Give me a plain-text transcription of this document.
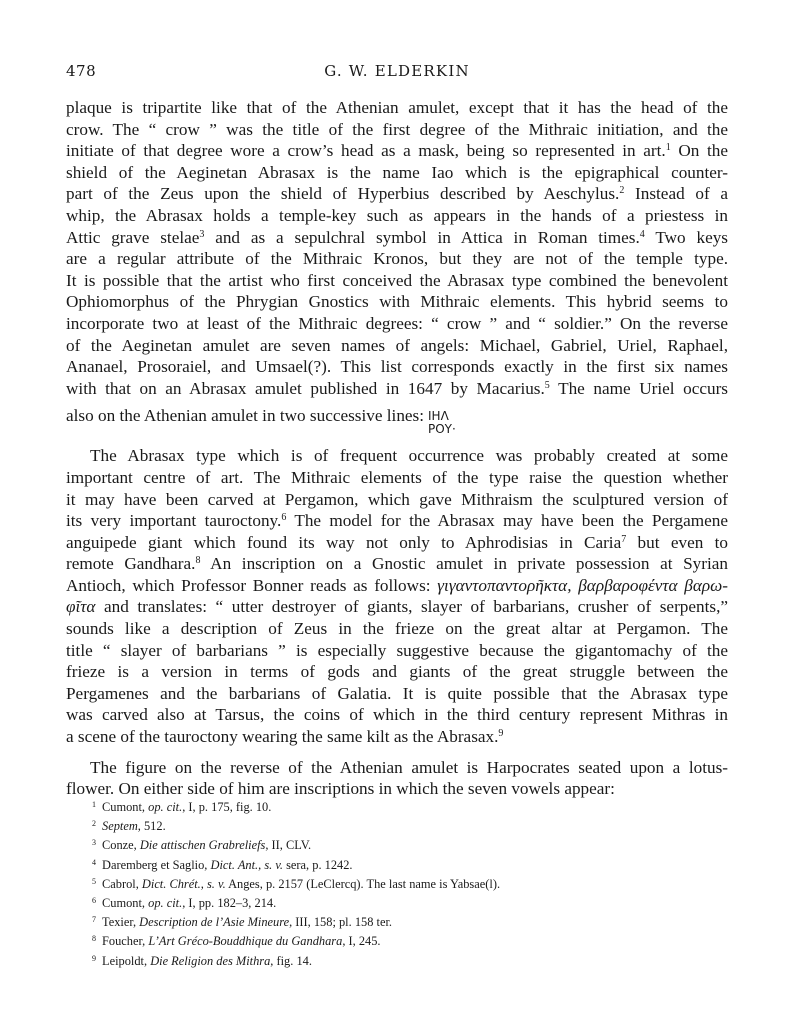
478	G. W. ELDERKIN

plaque is tripartite like that of the Athenian amulet, except that it has the head of the
crow. The “ crow ” was the title of the first degree of the Mithraic initiation, and the
initiate of that degree wore a crow’s head as a mask, being so represented in art.$^1$ On the
shield of the Aeginetan Abrasax is the name Iao which is the epigraphical counter-
part of the Zeus upon the shield of Hyperbius described by Aeschylus.$^2$ Instead of a
whip, the Abrasax holds a temple-key such as appears in the hands of a priestess in
Attic grave stelae$^3$ and as a sepulchral symbol in Attica in Roman times.$^4$ Two keys
are a regular attribute of the Mithraic Kronos, but they are not of the temple type.
It is possible that the artist who first conceived the Abrasax type combined the benevolent
Ophiomorphus of the Phrygian Gnostics with Mithraic elements. This hybrid seems to
incorporate two at least of the Mithraic degrees: “ crow ” and “ soldier.” On the reverse
of the Aeginetan amulet are seven names of angels: Michael, Gabriel, Uriel, Raphael,
Ananael, Prosoraiel, and Umsael(?). This list corresponds exactly in the first six names
with that on an Abrasax amulet published in 1647 by Macarius.$^5$ The name Uriel occurs
also on the Athenian amulet in two successive lines: ΙΗΛ
ΡΟΥ·

The Abrasax type which is of frequent occurrence was probably created at some
important centre of art. The Mithraic elements of the type raise the question whether
it may have been carved at Pergamon, which gave Mithraism the sculptured version of
its very important tauroctony.$^6$ The model for the Abrasax may have been the Pergamene
anguipede giant which found its way not only to Aphrodisias in Caria$^7$ but even to
remote Gandhara.$^8$ An inscription on a Gnostic amulet in private possession at Syrian
Antioch, which Professor Bonner reads as follows: γιγαντοπαντορῆκτα, βαρβαροφέντα βαρω-
φῖτα and translates: “ utter destroyer of giants, slayer of barbarians, crusher of serpents,”
sounds like a description of Zeus in the frieze on the great altar at Pergamon. The
title “ slayer of barbarians ” is especially suggestive because the gigantomachy of the
frieze is a version in terms of gods and giants of the great struggle between the
Pergamenes and the barbarians of Galatia. It is quite possible that the Abrasax type
was carved also at Tarsus, the coins of which in the third century represent Mithras in
a scene of the tauroctony wearing the same kilt as the Abrasax.$^9$

The figure on the reverse of the Athenian amulet is Harpocrates seated upon a lotus-
flower. On either side of him are inscriptions in which the seven vowels appear:

$^1$ Cumont, op. cit., I, p. 175, fig. 10.
$^2$ Septem, 512.
$^3$ Conze, Die attischen Grabreliefs, II, CLV.
$^4$ Daremberg et Saglio, Dict. Ant., s. v. sera, p. 1242.
$^5$ Cabrol, Dict. Chrét., s. v. Anges, p. 2157 (LeClercq). The last name is Yabsae(l).
$^6$ Cumont, op. cit., I, pp. 182–3, 214.
$^7$ Texier, Description de l’Asie Mineure, III, 158; pl. 158 ter.
$^8$ Foucher, L’Art Gréco-Bouddhique du Gandhara, I, 245.
$^9$ Leipoldt, Die Religion des Mithra, fig. 14.
